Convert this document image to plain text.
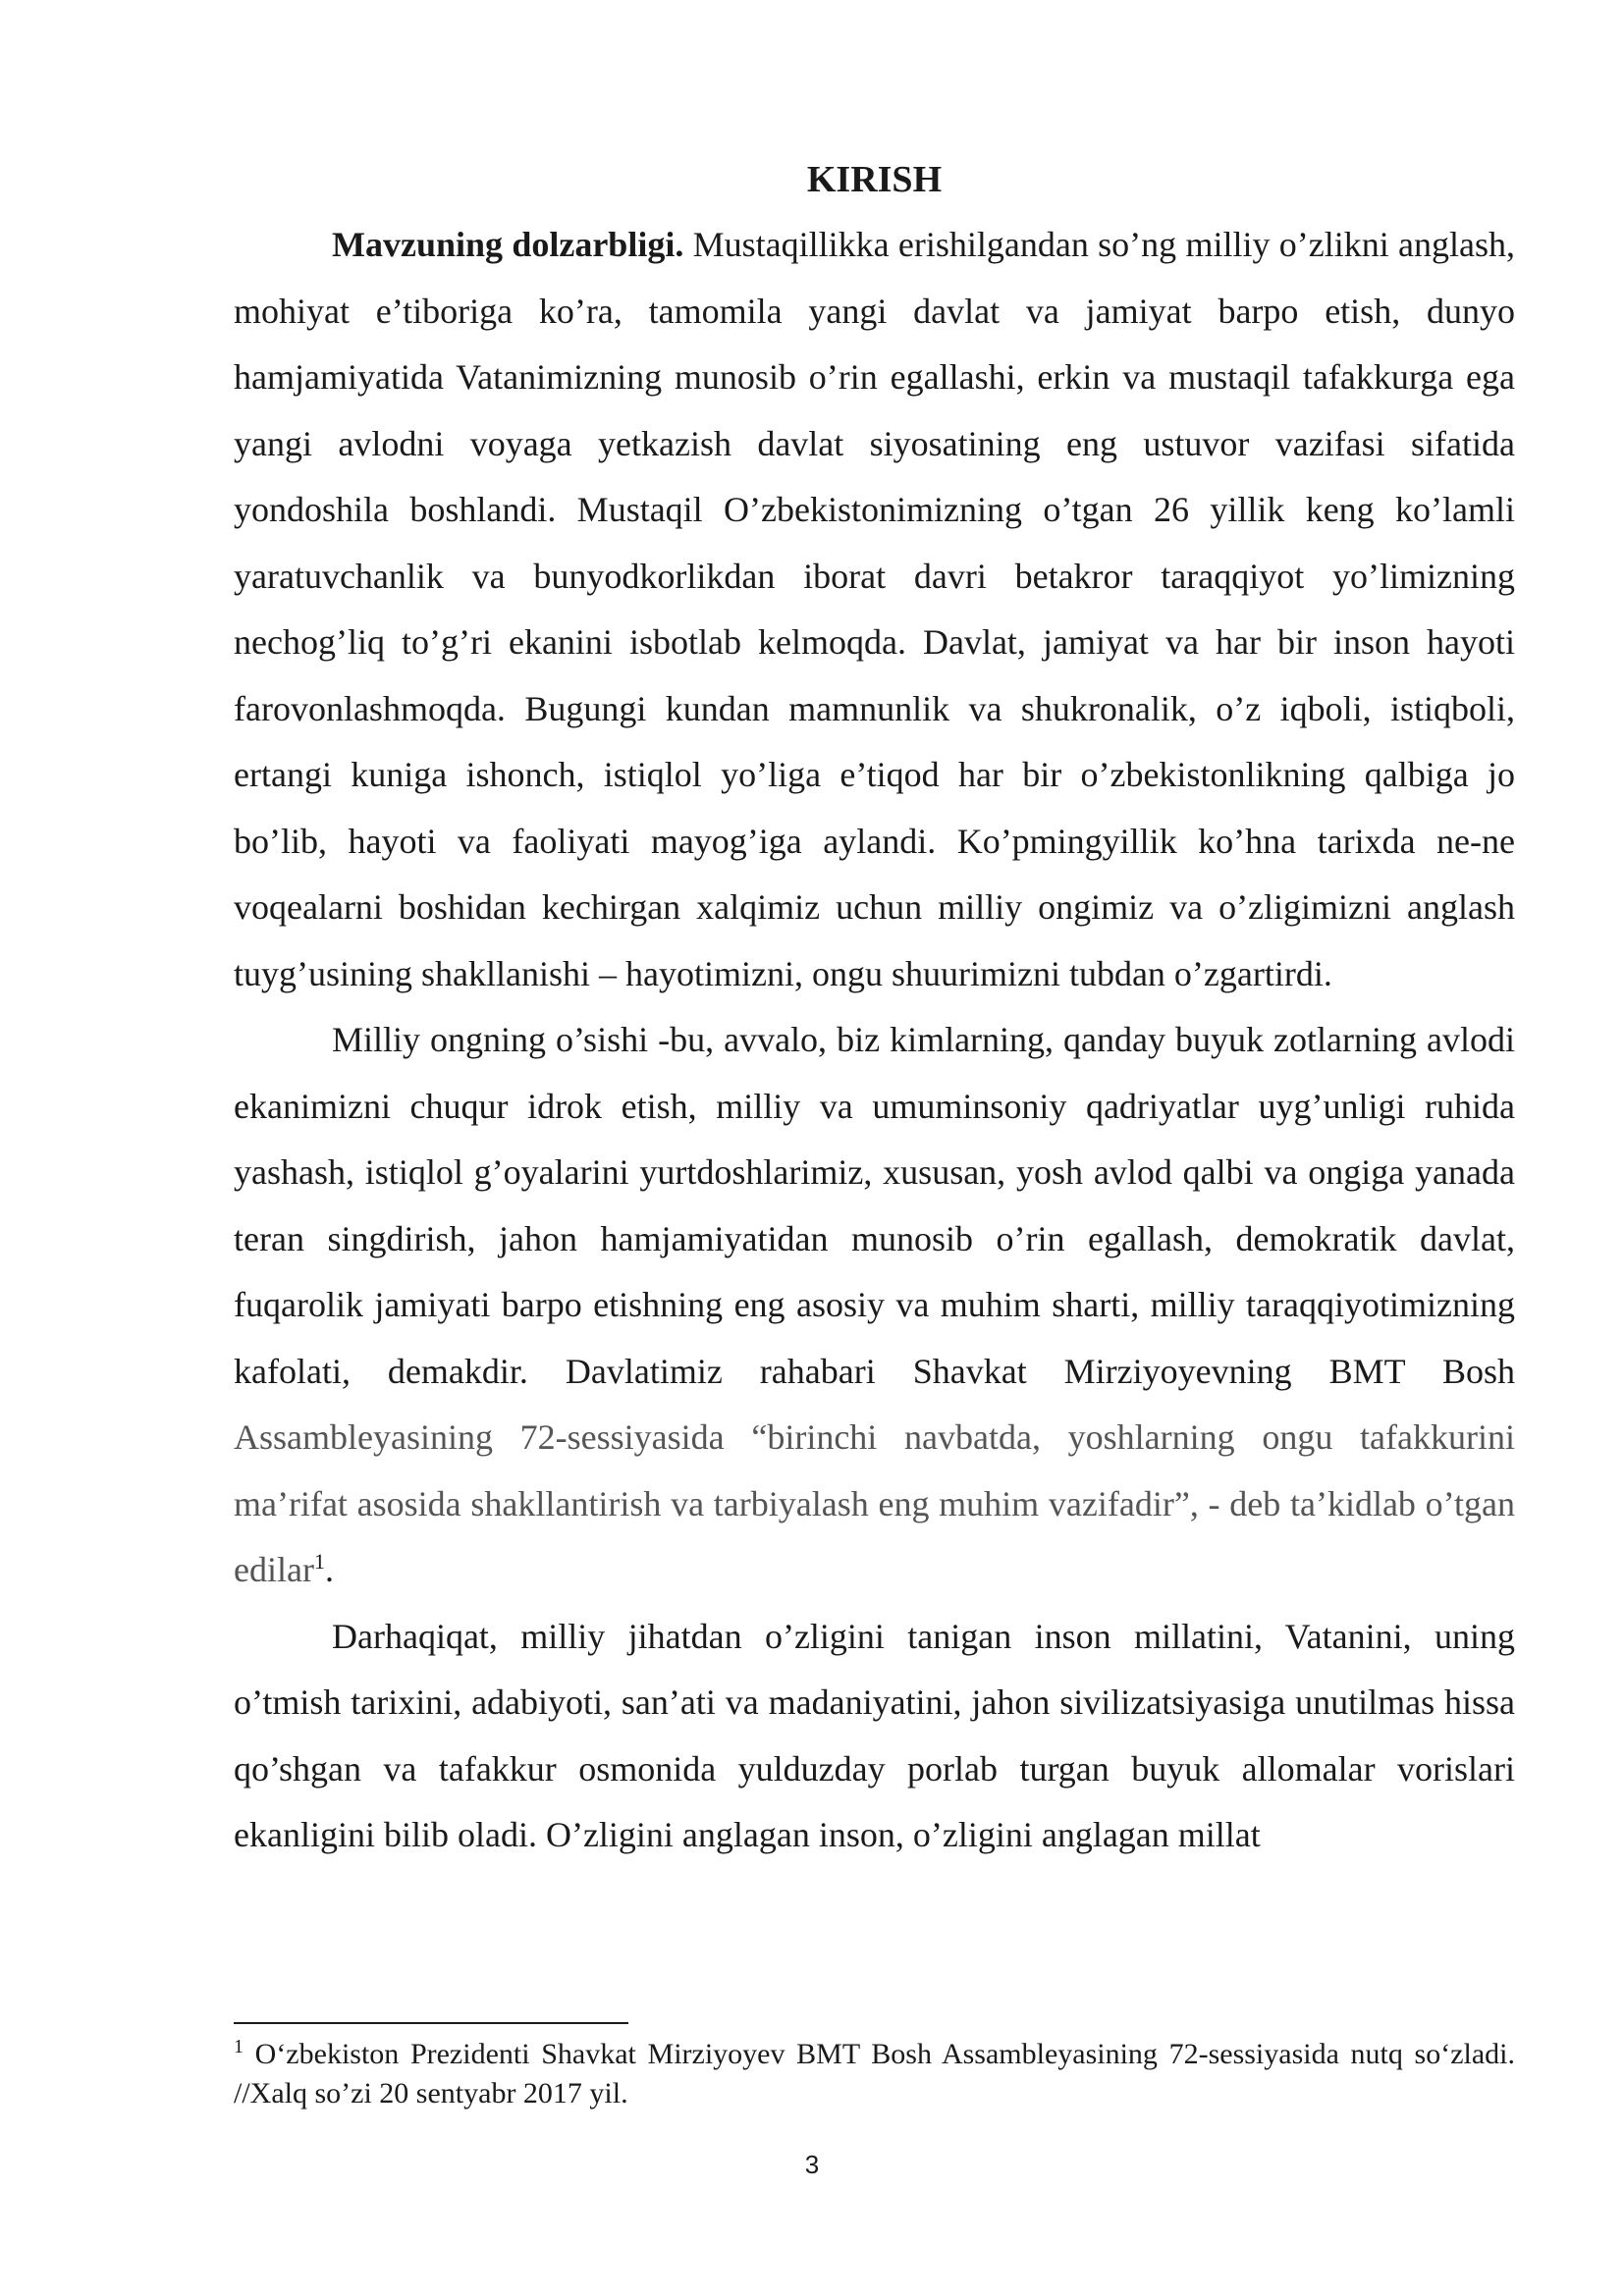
KIRISH

Mavzuning dolzarbligi. Mustaqillikka erishilgandan so’ng milliy o’zlikni anglash, mohiyat e’tiboriga ko’ra, tamomila yangi davlat va jamiyat barpo etish, dunyo hamjamiyatida Vatanimizning munosib o’rin egallashi, erkin va mustaqil tafakkurga ega yangi avlodni voyaga yetkazish davlat siyosatining eng ustuvor vazifasi sifatida yondoshila boshlandi. Mustaqil O’zbekistonimizning o’tgan 26 yillik keng ko’lamli yaratuvchanlik va bunyodkorlikdan iborat davri betakror taraqqiyot yo’limizning nechog’liq to’g’ri ekanini isbotlab kelmoqda. Davlat, jamiyat va har bir inson hayoti farovonlashmoqda. Bugungi kundan mamnunlik va shukronalik, o’z iqboli, istiqboli, ertangi kuniga ishonch, istiqlol yo’liga e’tiqod har bir o’zbekistonlikning qalbiga jo bo’lib, hayoti va faoliyati mayog’iga aylandi. Ko’pmingyillik ko’hna tarixda ne-ne voqealarni boshidan kechirgan xalqimiz uchun milliy ongimiz va o’zligimizni anglash tuyg’usining shakllanishi – hayotimizni, ongu shuurimizni tubdan o’zgartirdi.

Milliy ongning o’sishi -bu, avvalo, biz kimlarning, qanday buyuk zotlarning avlodi ekanimizni chuqur idrok etish, milliy va umuminsoniy qadriyatlar uyg’unligi ruhida yashash, istiqlol g’oyalarini yurtdoshlarimiz, xususan, yosh avlod qalbi va ongiga yanada teran singdirish, jahon hamjamiyatidan munosib o’rin egallash, demokratik davlat, fuqarolik jamiyati barpo etishning eng asosiy va muhim sharti, milliy taraqqiyotimizning kafolati, demakdir. Davlatimiz rahabari Shavkat Mirziyoyevning BMT Bosh Assambleyasining 72-sessiyasida “birinchi navbatda, yoshlarning ongu tafakkurini ma’rifat asosida shakllantirish va tarbiyalash eng muhim vazifadir”, - deb ta’kidlab o’tgan edilar$^1$.

Darhaqiqat, milliy jihatdan o’zligini tanigan inson millatini, Vatanini, uning o’tmish tarixini, adabiyoti, san’ati va madaniyatini, jahon sivilizatsiyasiga unutilmas hissa qo’shgan va tafakkur osmonida yulduzday porlab turgan buyuk allomalar vorislari ekanligini bilib oladi. O’zligini anglagan inson, o’zligini anglagan millat

$^1$ O‘zbekiston Prezidenti Shavkat Mirziyoyev BMT Bosh Assambleyasining 72-sessiyasida nutq so‘zladi. //Xalq so’zi 20 sentyabr 2017 yil.

3
